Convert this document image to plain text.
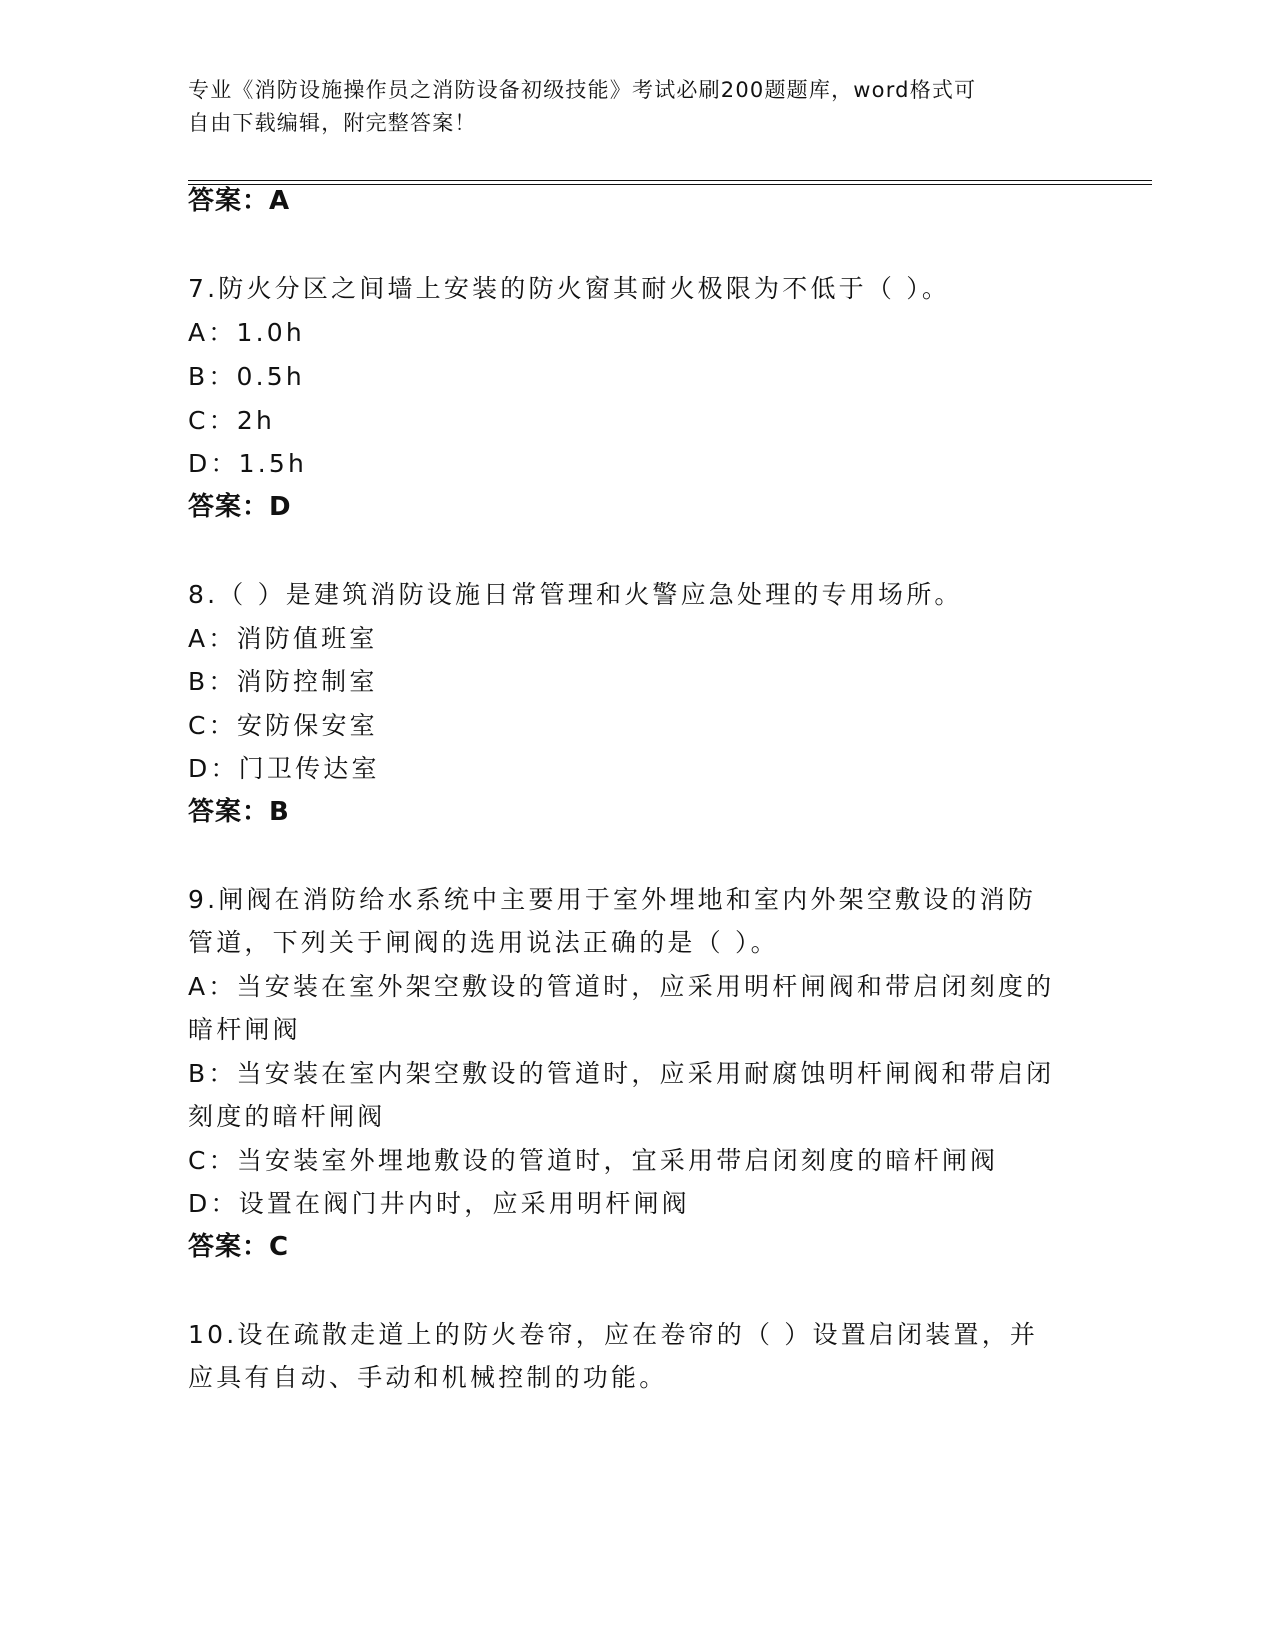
专业《消防设施操作员之消防设备初级技能》考试必刷200题题库，word格式可
自由下载编辑，附完整答案！
答案：A
7.防火分区之间墙上安装的防火窗其耐火极限为不低于（ ）。
A：1.0h
B：0.5h
C：2h
D：1.5h
答案：D
8.（ ）是建筑消防设施日常管理和火警应急处理的专用场所。
A：消防值班室
B：消防控制室
C：安防保安室
D：门卫传达室
答案：B
9.闸阀在消防给水系统中主要用于室外埋地和室内外架空敷设的消防
管道，下列关于闸阀的选用说法正确的是（ ）。
A：当安装在室外架空敷设的管道时，应采用明杆闸阀和带启闭刻度的
暗杆闸阀
B：当安装在室内架空敷设的管道时，应采用耐腐蚀明杆闸阀和带启闭
刻度的暗杆闸阀
C：当安装室外埋地敷设的管道时，宜采用带启闭刻度的暗杆闸阀
D：设置在阀门井内时，应采用明杆闸阀
答案：C
10.设在疏散走道上的防火卷帘，应在卷帘的（ ）设置启闭装置，并
应具有自动、手动和机械控制的功能。
